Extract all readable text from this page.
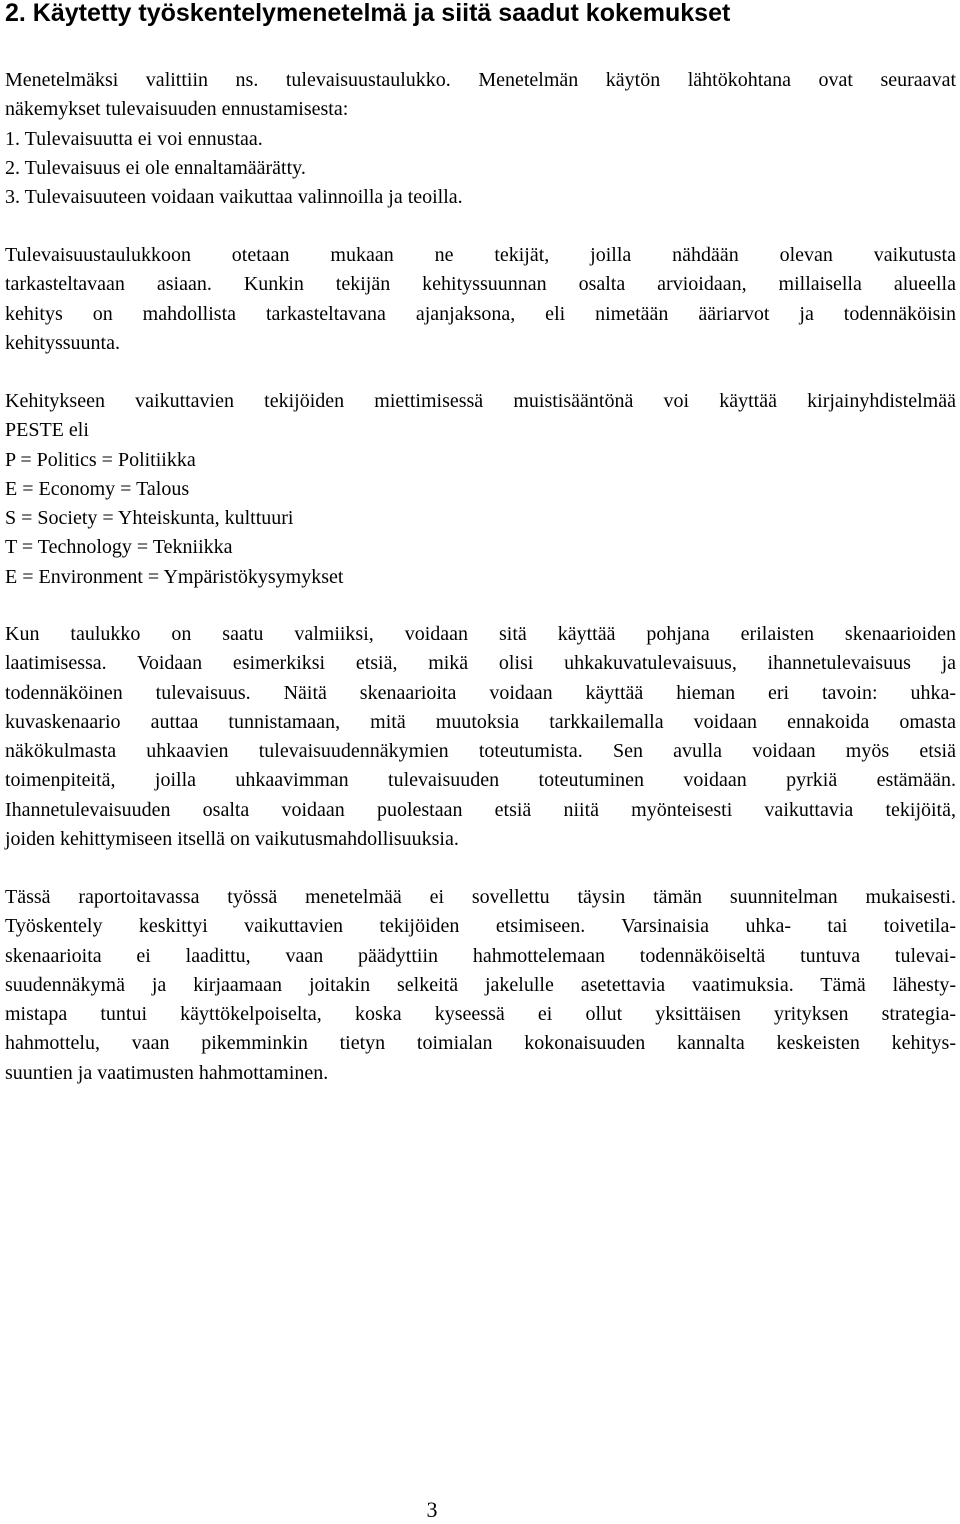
2. Käytetty työskentelymenetelmä ja siitä saadut kokemukset
Menetelmäksi valittiin ns. tulevaisuustaulukko. Menetelmän käytön lähtökohtana ovat seuraavat
näkemykset tulevaisuuden ennustamisesta:
1. Tulevaisuutta ei voi ennustaa.
2. Tulevaisuus ei ole ennaltamäärätty.
3. Tulevaisuuteen voidaan vaikuttaa valinnoilla ja teoilla.
Tulevaisuustaulukkoon otetaan mukaan ne tekijät, joilla nähdään olevan vaikutusta
tarkasteltavaan asiaan. Kunkin tekijän kehityssuunnan osalta arvioidaan, millaisella alueella
kehitys on mahdollista tarkasteltavana ajanjaksona, eli nimetään ääriarvot ja todennäköisin
kehityssuunta.
Kehitykseen vaikuttavien tekijöiden miettimisessä muistisääntönä voi käyttää kirjainyhdistelmää
PESTE eli
P = Politics = Politiikka
E = Economy = Talous
S = Society = Yhteiskunta, kulttuuri
T = Technology = Tekniikka
E = Environment = Ympäristökysymykset
Kun taulukko on saatu valmiiksi, voidaan sitä käyttää pohjana erilaisten skenaarioiden
laatimisessa. Voidaan esimerkiksi etsiä, mikä olisi uhkakuvatulevaisuus, ihannetulevaisuus ja
todennäköinen tulevaisuus. Näitä skenaarioita voidaan käyttää hieman eri tavoin: uhka-
kuvaskenaario auttaa tunnistamaan, mitä muutoksia tarkkailemalla voidaan ennakoida omasta
näkökulmasta uhkaavien tulevaisuudennäkymien toteutumista. Sen avulla voidaan myös etsiä
toimenpiteitä, joilla uhkaavimman tulevaisuuden toteutuminen voidaan pyrkiä estämään.
Ihannetulevaisuuden osalta voidaan puolestaan etsiä niitä myönteisesti vaikuttavia tekijöitä,
joiden kehittymiseen itsellä on vaikutusmahdollisuuksia.
Tässä raportoitavassa työssä menetelmää ei sovellettu täysin tämän suunnitelman mukaisesti.
Työskentely keskittyi vaikuttavien tekijöiden etsimiseen. Varsinaisia uhka- tai toivetila-
skenaarioita ei laadittu, vaan päädyttiin hahmottelemaan todennäköiseltä tuntuva tulevai-
suudennäkymä ja kirjaamaan joitakin selkeitä jakelulle asetettavia vaatimuksia. Tämä lähesty-
mistapa tuntui käyttökelpoiselta, koska kyseessä ei ollut yksittäisen yrityksen strategia-
hahmottelu, vaan pikemminkin tietyn toimialan kokonaisuuden kannalta keskeisten kehitys-
suuntien ja vaatimusten hahmottaminen.
3
